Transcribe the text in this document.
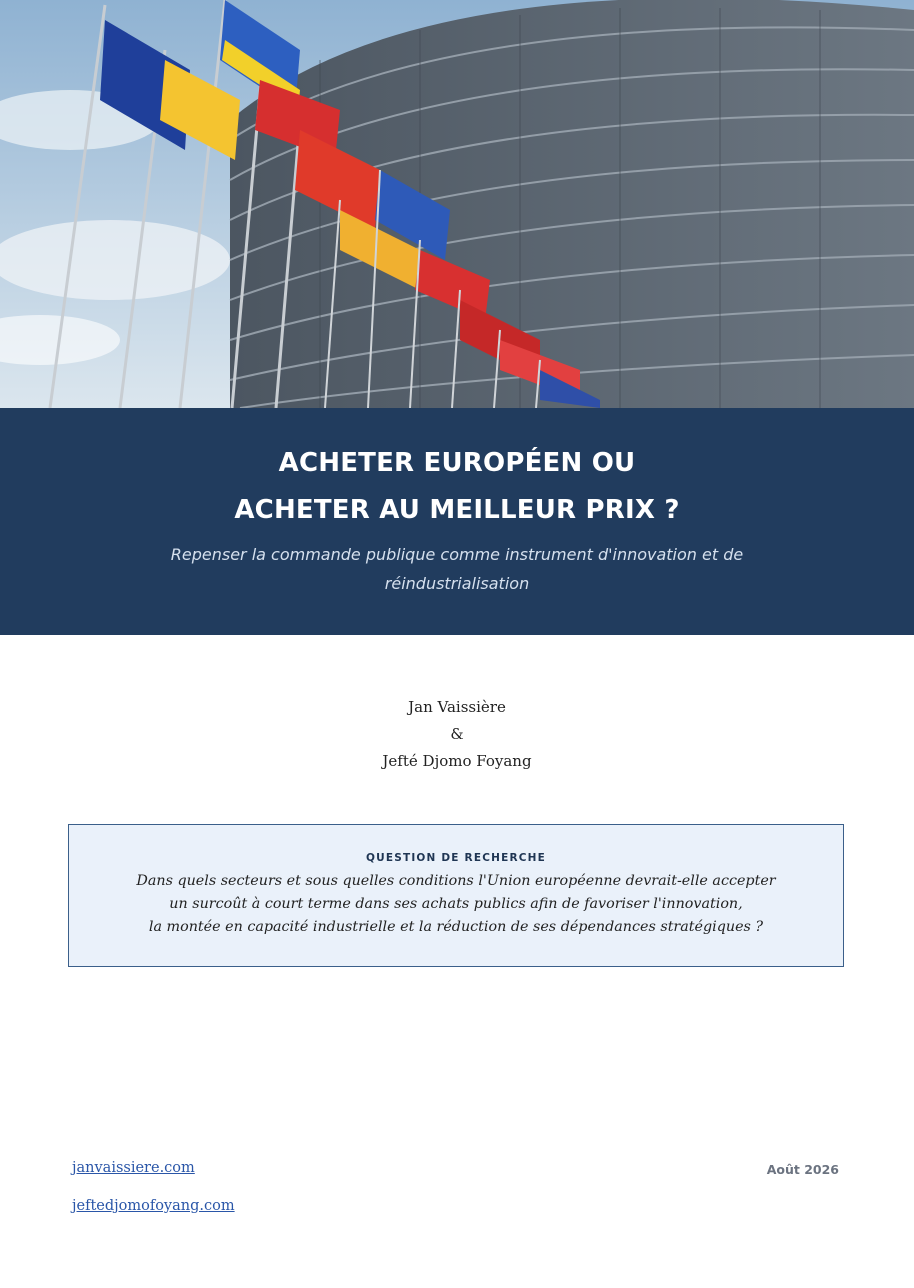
ACHETER EUROPÉEN OU
ACHETER AU MEILLEUR PRIX ?
Repenser la commande publique comme instrument d'innovation et de
réindustrialisation
Jan Vaissière
&
Jefté Djomo Foyang
QUESTION DE RECHERCHE
Dans quels secteurs et sous quelles conditions l'Union européenne devrait-elle accepter
un surcoût à court terme dans ses achats publics afin de favoriser l'innovation,
la montée en capacité industrielle et la réduction de ses dépendances stratégiques ?
janvaissiere.com
jeftedjomofoyang.com
Août 2026
